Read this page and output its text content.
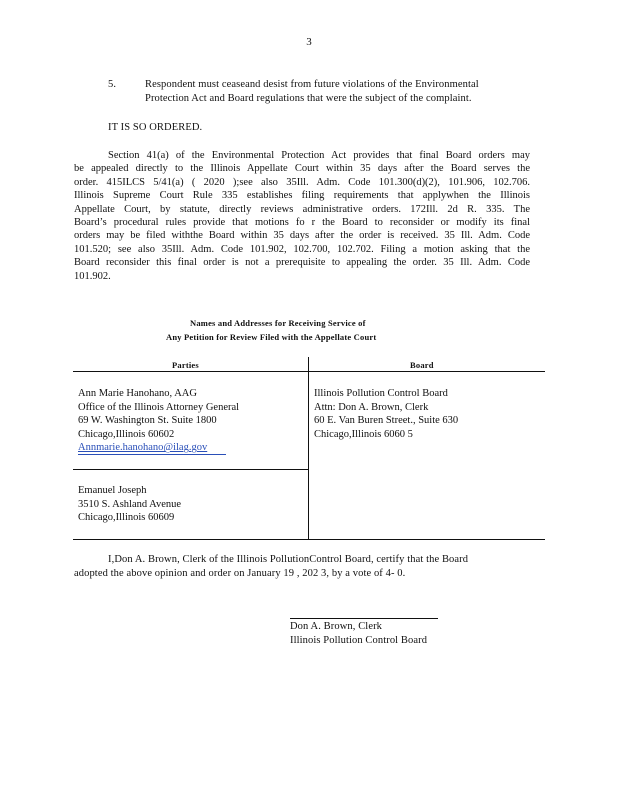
3
5.	Respondent must ceaseand desist from future violations of the Environmental
Protection Act and Board regulations that were the subject of the complaint.
IT IS SO ORDERED.
Section 41(a) of the Environmental Protection Act provides that final Board orders may
be appealed directly to the Illinois Appellate Court within 35 days after the Board serves the
order. 415ILCS 5/41(a) ( 2020 );see also 35Ill. Adm. Code 101.300(d)(2), 101.906, 102.706.
Illinois Supreme Court Rule 335 establishes filing requirements that applywhen the Illinois
Appellate Court, by statute, directly reviews administrative orders. 172Ill. 2d R. 335. The
Board’s procedural rules provide that motions fo r the Board to reconsider or modify its final
orders may be filed withthe Board within 35 days after the order is received. 35 Ill. Adm. Code
101.520; see also 35Ill. Adm. Code 101.902, 102.700, 102.702. Filing a motion asking that the
Board reconsider this final order is not a prerequisite to appealing the order. 35 Ill. Adm. Code
101.902.
Names and Addresses for Receiving Service of
Any Petition for Review Filed with the Appellate Court
Parties	Board
Ann Marie Hanohano, AAG
Office of the Illinois Attorney General
69 W. Washington St. Suite 1800
Chicago,Illinois 60602
Annmarie.hanohano@ilag.gov
Emanuel Joseph
3510 S. Ashland Avenue
Chicago,Illinois 60609
Illinois Pollution Control Board
Attn: Don A. Brown, Clerk
60 E. Van Buren Street., Suite 630
Chicago,Illinois 6060 5
I,Don A. Brown, Clerk of the Illinois PollutionControl Board, certify that the Board
adopted the above opinion and order on January 19 , 202 3, by a vote of 4- 0.
Don A. Brown, Clerk
Illinois Pollution Control Board
